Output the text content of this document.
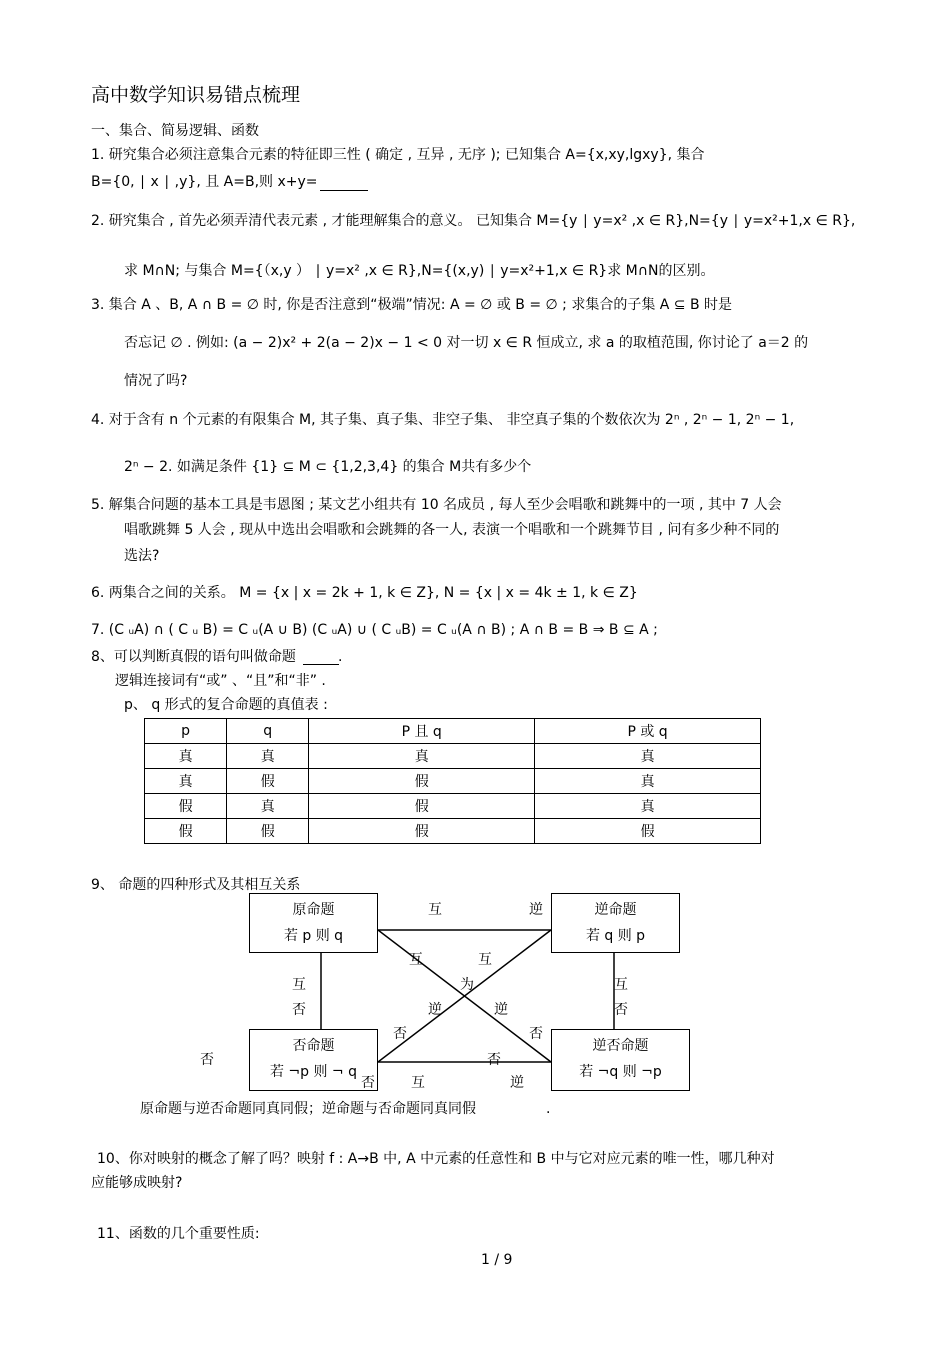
高中数学知识易错点梳理
一、集合、简易逻辑、函数
1. 研究集合必须注意集合元素的特征即三性 ( 确定 , 互异 , 无序 ); 已知集合 A={x,xy,lgxy}, 集合
B={0, ∣ x ∣ ,y}, 且 A=B,则 x+y=
2. 研究集合 , 首先必须弄清代表元素 , 才能理解集合的意义。 已知集合 M={y ∣ y=x² ,x ∈ R},N={y ∣ y=x²+1,x ∈ R},
求 M∩N; 与集合 M={（x,y ） ∣ y=x² ,x ∈ R},N={(x,y) ∣ y=x²+1,x ∈ R}求 M∩N的区别。
3. 集合 A 、B, A ∩ B = ∅ 时, 你是否注意到“极端”情况: A = ∅ 或 B = ∅ ; 求集合的子集 A ⊆ B 时是
否忘记 ∅ . 例如: (a − 2)x² + 2(a − 2)x − 1 < 0 对一切 x ∈ R 恒成立, 求 a 的取植范围, 你讨论了 a＝2 的
情况了吗?
4. 对于含有 n 个元素的有限集合 M, 其子集、真子集、非空子集、 非空真子集的个数依次为 2ⁿ , 2ⁿ − 1, 2ⁿ − 1,
2ⁿ − 2. 如满足条件 {1} ⊆ M ⊂ {1,2,3,4} 的集合 M共有多少个
5. 解集合问题的基本工具是韦恩图 ; 某文艺小组共有 10 名成员 , 每人至少会唱歌和跳舞中的一项 , 其中 7 人会
唱歌跳舞 5 人会 , 现从中选出会唱歌和会跳舞的各一人, 表演一个唱歌和一个跳舞节目 , 问有多少种不同的
选法?
6. 两集合之间的关系。 M = {x | x = 2k + 1, k ∈ Z}, N = {x | x = 4k ± 1, k ∈ Z}
7. (C ᵤA) ∩ ( C ᵤ B) = C ᵤ(A ∪ B) (C ᵤA) ∪ ( C ᵤB) = C ᵤ(A ∩ B) ; A ∩ B = B ⇒ B ⊆ A ;
8、可以判断真假的语句叫做命题	.
逻辑连接词有“或” 、“且”和“非” .
p、 q 形式的复合命题的真值表 :
p	q	P 且 q	P 或 q
真	真	真	真
真	假	假	真
假	真	假	真
假	假	假	假
9、 命题的四种形式及其相互关系
原命题
若 p 则 q
逆命题
若 q 则 p
否命题
若 ¬p 则 ¬ q
逆否命题
若 ¬q 则 ¬p
互	逆
互	互
为
逆	逆
互
否
互
否
否	否
否
否
否	互	逆
原命题与逆否命题同真同假；逆命题与否命题同真同假	.
10、你对映射的概念了解了吗？映射 f : A→B 中, A 中元素的任意性和 B 中与它对应元素的唯一性，哪几种对
应能够成映射?
11、函数的几个重要性质:
1 / 9
